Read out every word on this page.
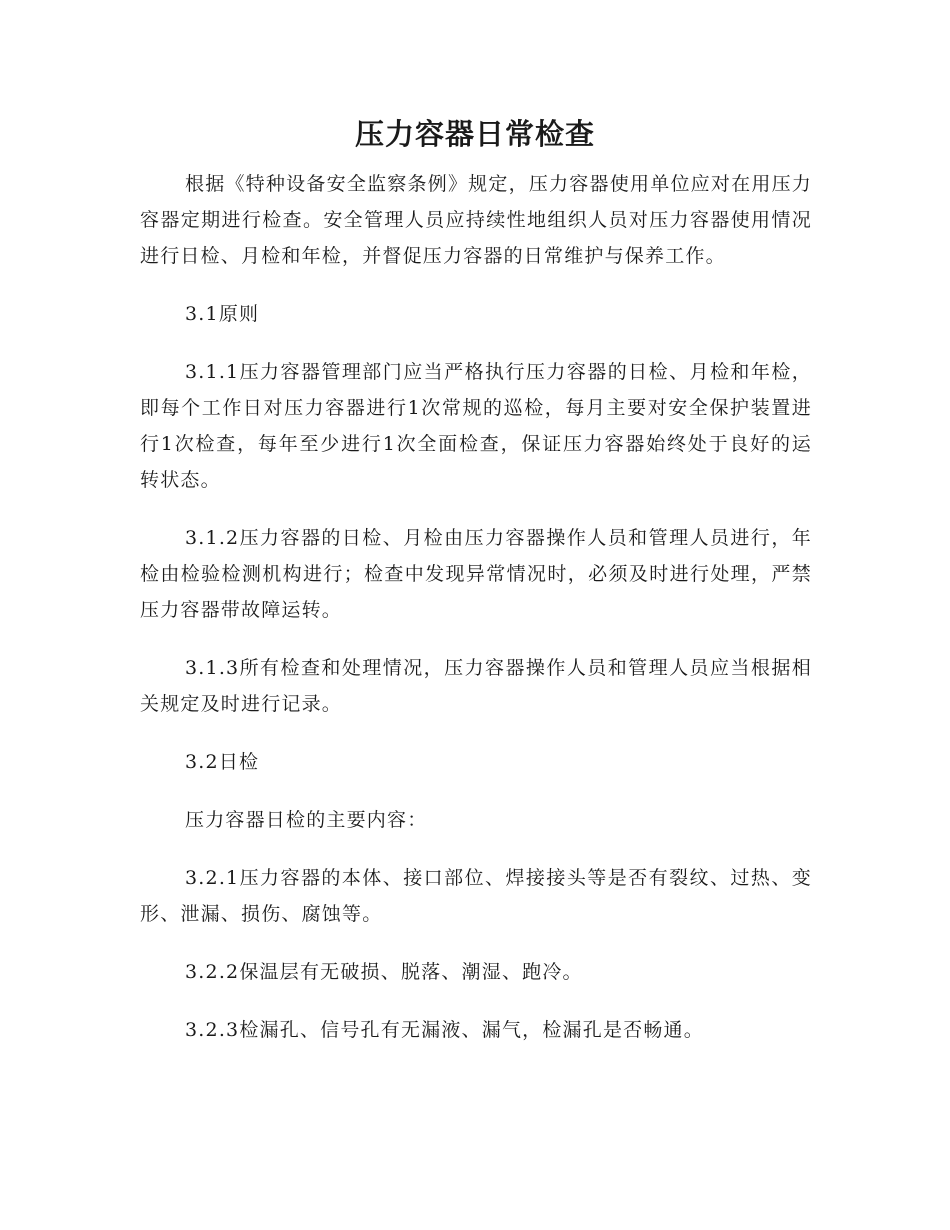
压力容器日常检查

根据《特种设备安全监察条例》规定，压力容器使用单位应对在用压力容器定期进行检查。安全管理人员应持续性地组织人员对压力容器使用情况进行日检、月检和年检，并督促压力容器的日常维护与保养工作。

3.1原则

3.1.1压力容器管理部门应当严格执行压力容器的日检、月检和年检，即每个工作日对压力容器进行1次常规的巡检，每月主要对安全保护装置进行1次检查，每年至少进行1次全面检查，保证压力容器始终处于良好的运转状态。

3.1.2压力容器的日检、月检由压力容器操作人员和管理人员进行，年检由检验检测机构进行；检查中发现异常情况时，必须及时进行处理，严禁压力容器带故障运转。

3.1.3所有检查和处理情况，压力容器操作人员和管理人员应当根据相关规定及时进行记录。

3.2日检

压力容器日检的主要内容：

3.2.1压力容器的本体、接口部位、焊接接头等是否有裂纹、过热、变形、泄漏、损伤、腐蚀等。

3.2.2保温层有无破损、脱落、潮湿、跑冷。

3.2.3检漏孔、信号孔有无漏液、漏气，检漏孔是否畅通。
